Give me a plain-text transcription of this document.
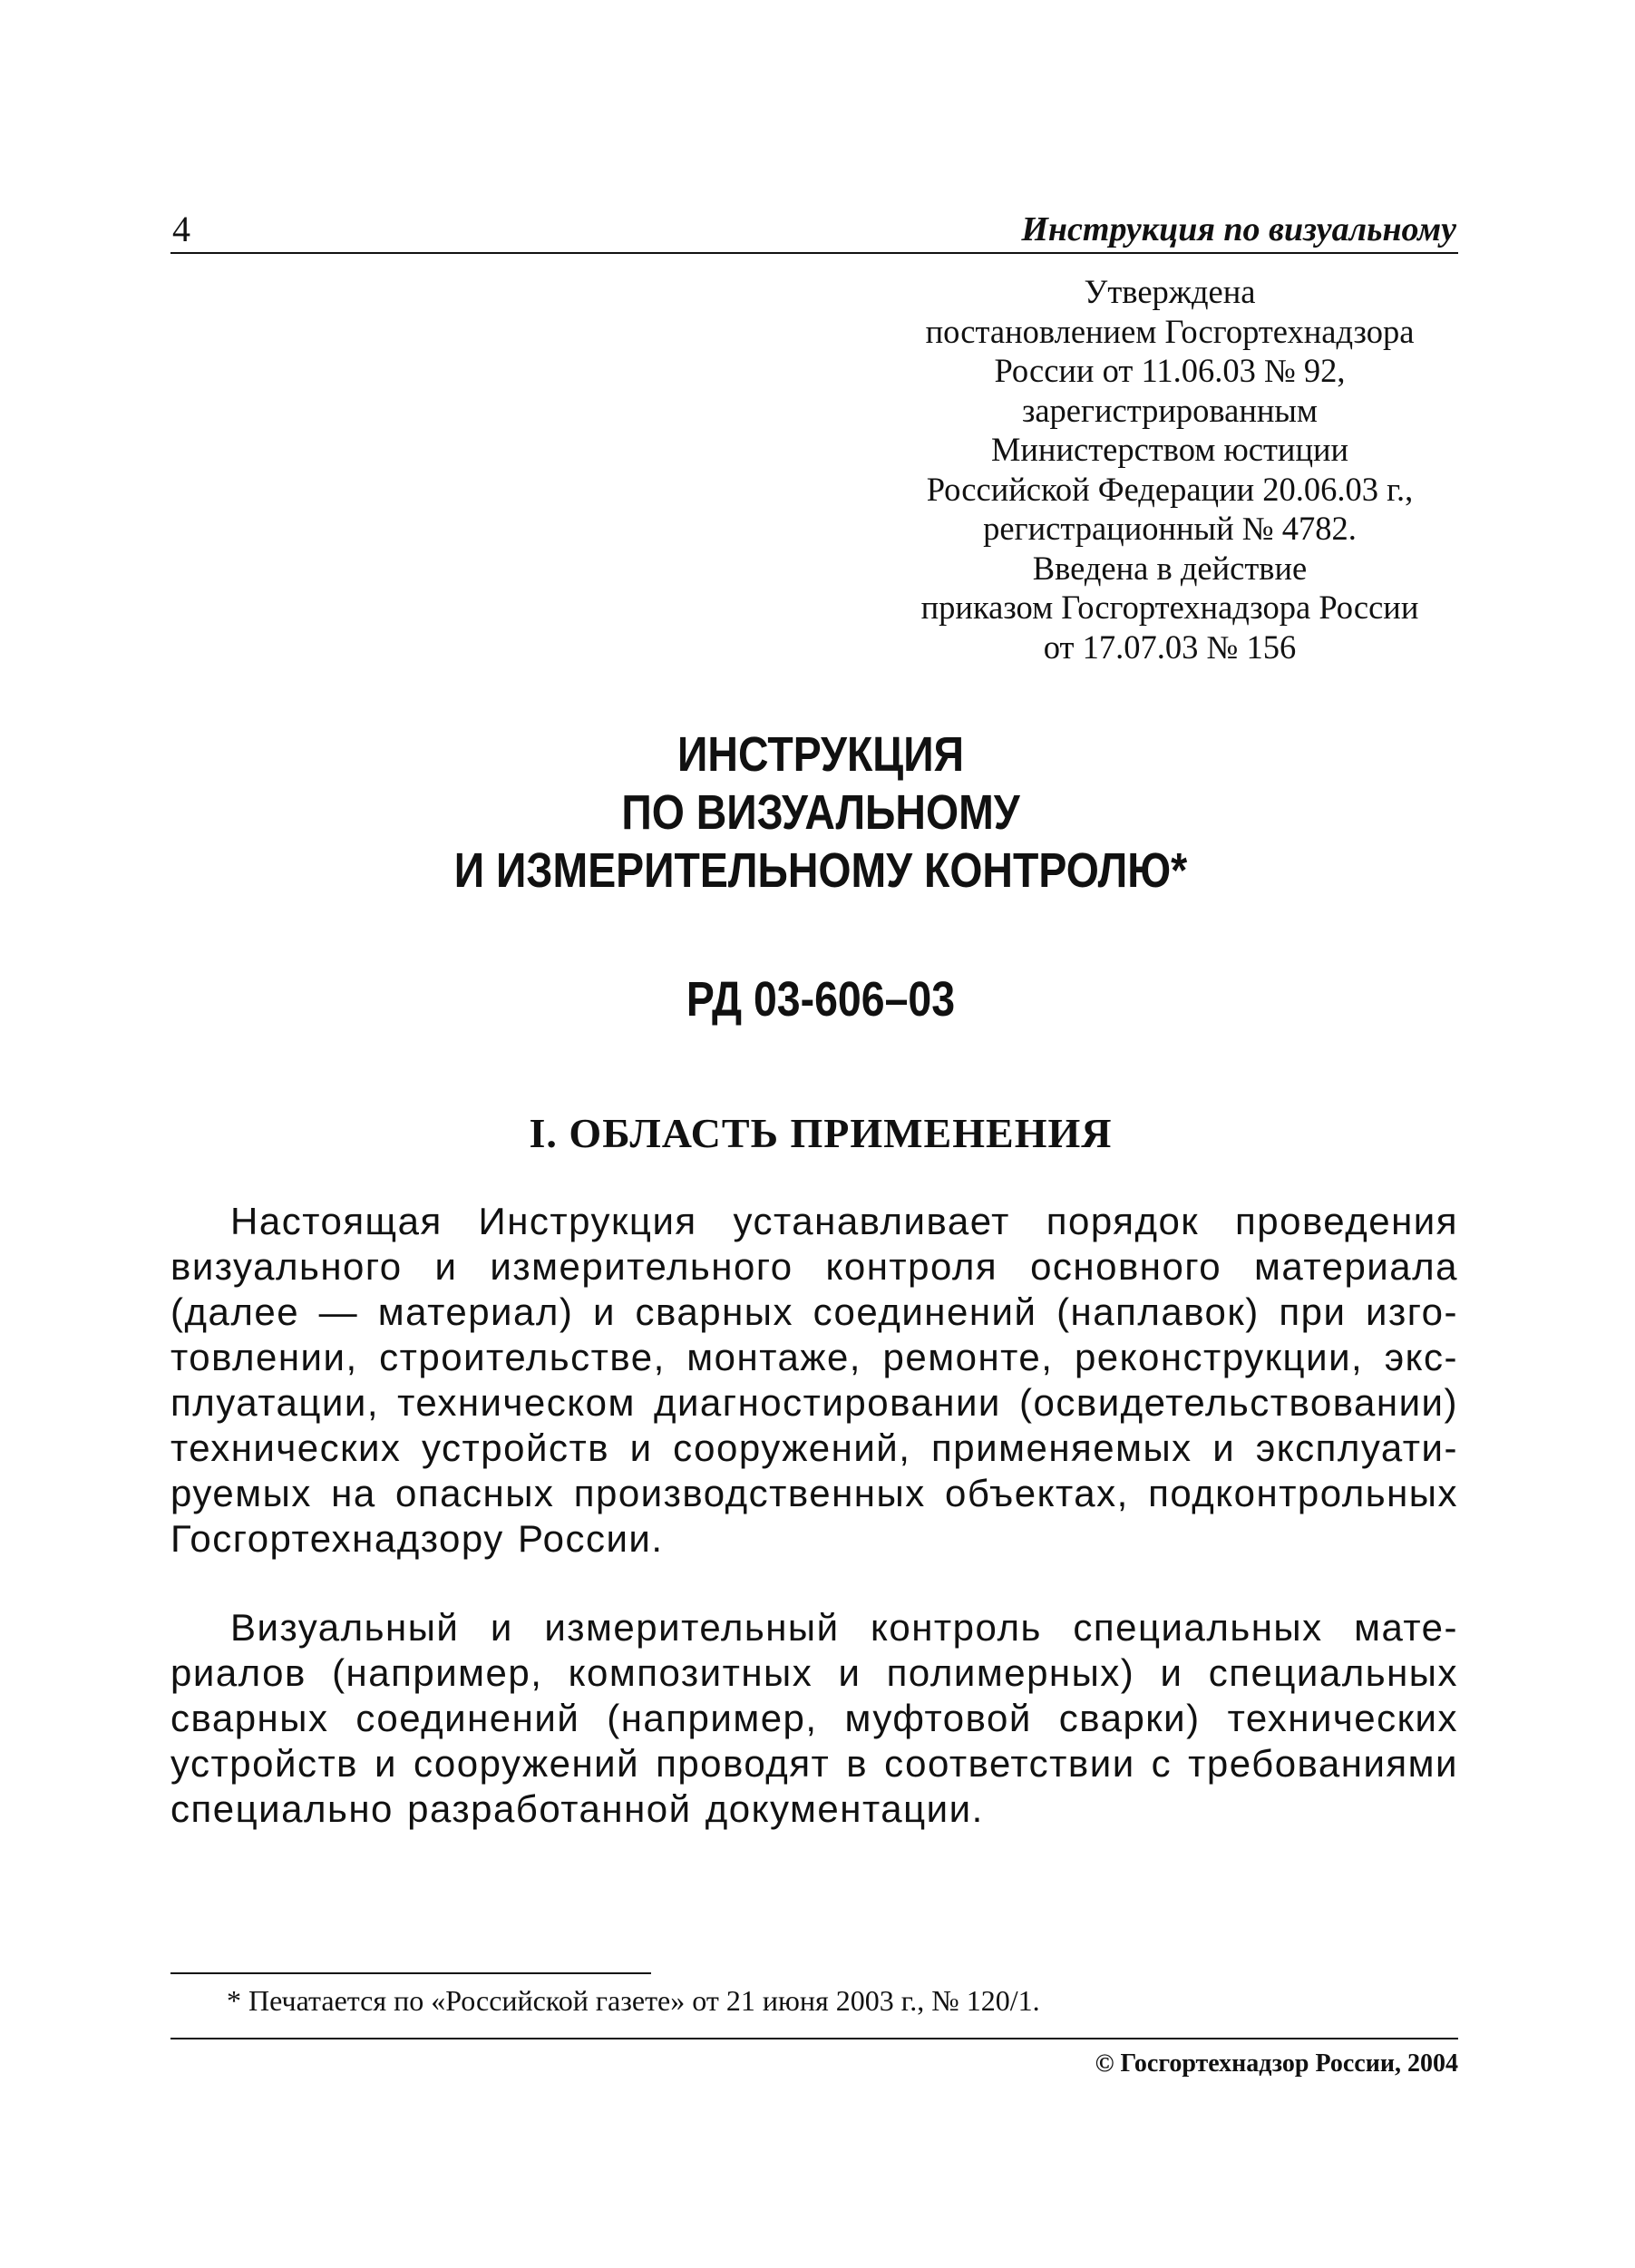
4	Инструкция по визуальному
Утверждена
постановлением Госгортехнадзора
России от 11.06.03 № 92,
зарегистрированным
Министерством юстиции
Российской Федерации 20.06.03 г.,
регистрационный № 4782.
Введена в действие
приказом Госгортехнадзора России
от 17.07.03 № 156
ИНСТРУКЦИЯ
ПО ВИЗУАЛЬНОМУ
И ИЗМЕРИТЕЛЬНОМУ КОНТРОЛЮ*
РД 03-606–03
I. ОБЛАСТЬ ПРИМЕНЕНИЯ
Настоящая Инструкция устанавливает порядок проведения
визуального и измерительного контроля основного материала
(далее — материал) и сварных соединений (наплавок) при изго-
товлении, строительстве, монтаже, ремонте, реконструкции, экс-
плуатации, техническом диагностировании (освидетельствовании)
технических устройств и сооружений, применяемых и эксплуати-
руемых на опасных производственных объектах, подконтрольных
Госгортехнадзору России.
Визуальный и измерительный контроль специальных мате-
риалов (например, композитных и полимерных) и специальных
сварных соединений (например, муфтовой сварки) технических
устройств и сооружений проводят в соответствии с требованиями
специально разработанной документации.
* Печатается по «Российской газете» от 21 июня 2003 г., № 120/1.
© Госгортехнадзор России, 2004
